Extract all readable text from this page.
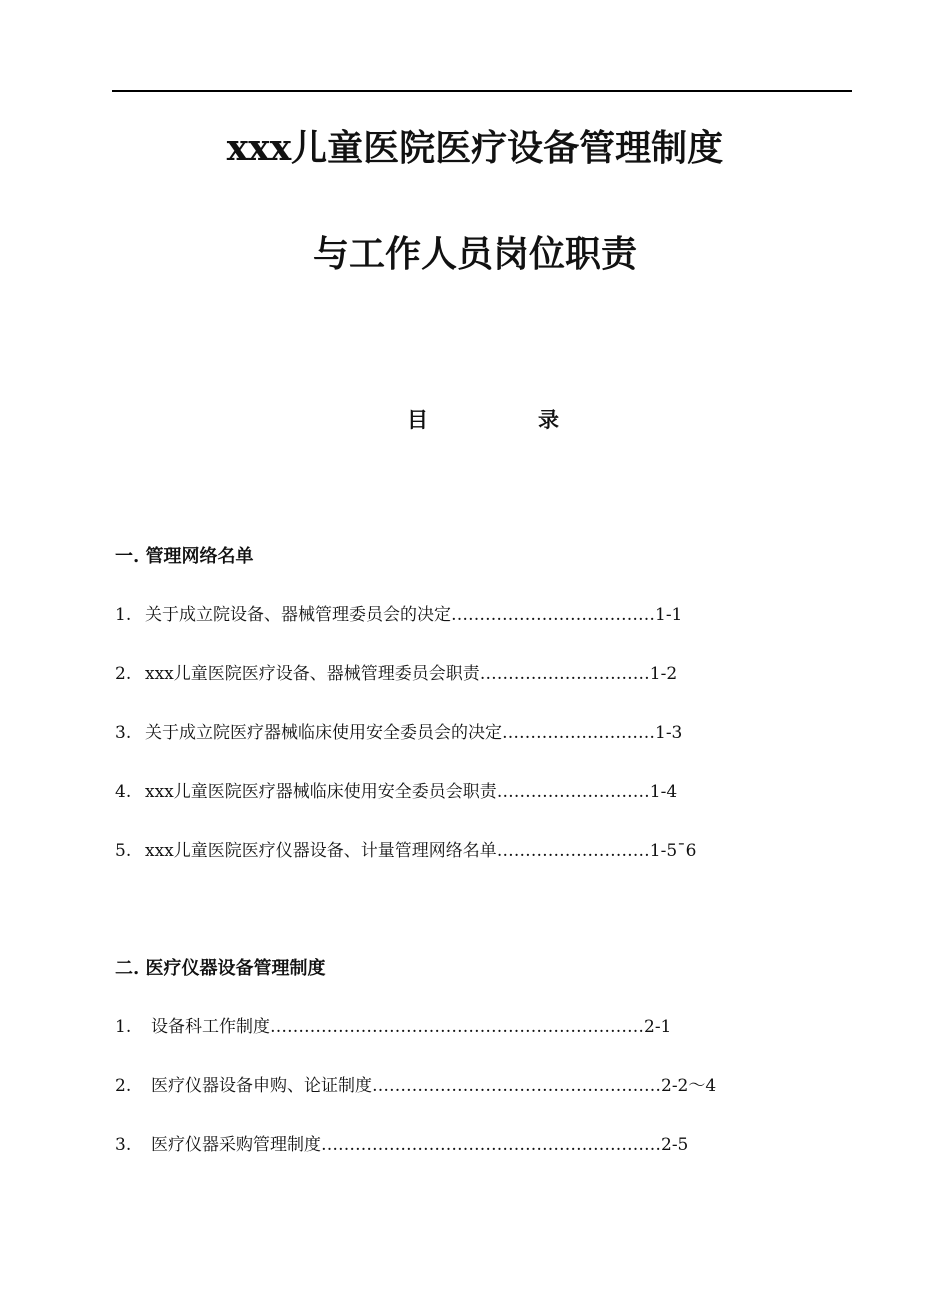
xxx儿童医院医疗设备管理制度
与工作人员岗位职责
目	录
一. 管理网络名单
1. 关于成立院设备、器械管理委员会的决定………………………………1-1
2. xxx儿童医院医疗设备、器械管理委员会职责…………………………1-2
3. 关于成立院医疗器械临床使用安全委员会的决定………………………1-3
4. xxx儿童医院医疗器械临床使用安全委员会职责………………………1-4
5. xxx儿童医院医疗仪器设备、计量管理网络名单………………………1-5¯6
二. 医疗仪器设备管理制度
1. 设备科工作制度…………………………………………………………2-1
2. 医疗仪器设备申购、论证制度……………………………………………2-2～4
3. 医疗仪器采购管理制度……………………………………………………2-5
